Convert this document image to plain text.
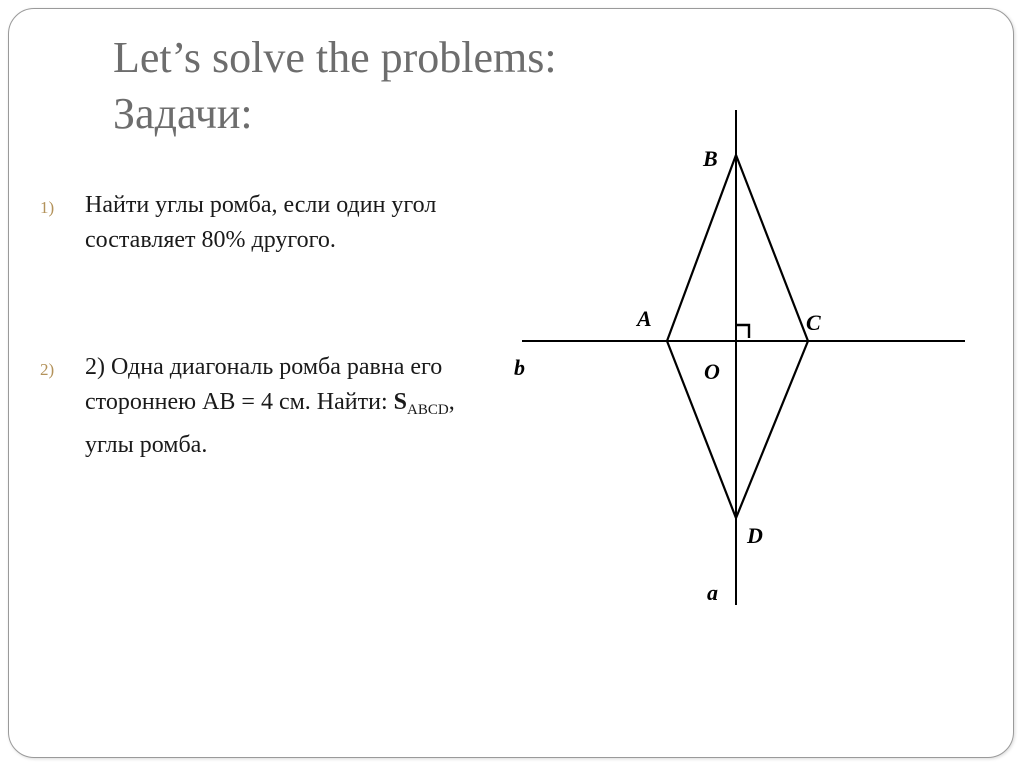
Let’s solve the problems:
Задачи:
1) Найти углы ромба, если один угол составляет 80% другого.
2) 2) Одна диагональ ромба равна его стороннею АВ = 4 см. Найти: $S_{ABCD}$, углы ромба.
B
A	C
O
D
b
a
